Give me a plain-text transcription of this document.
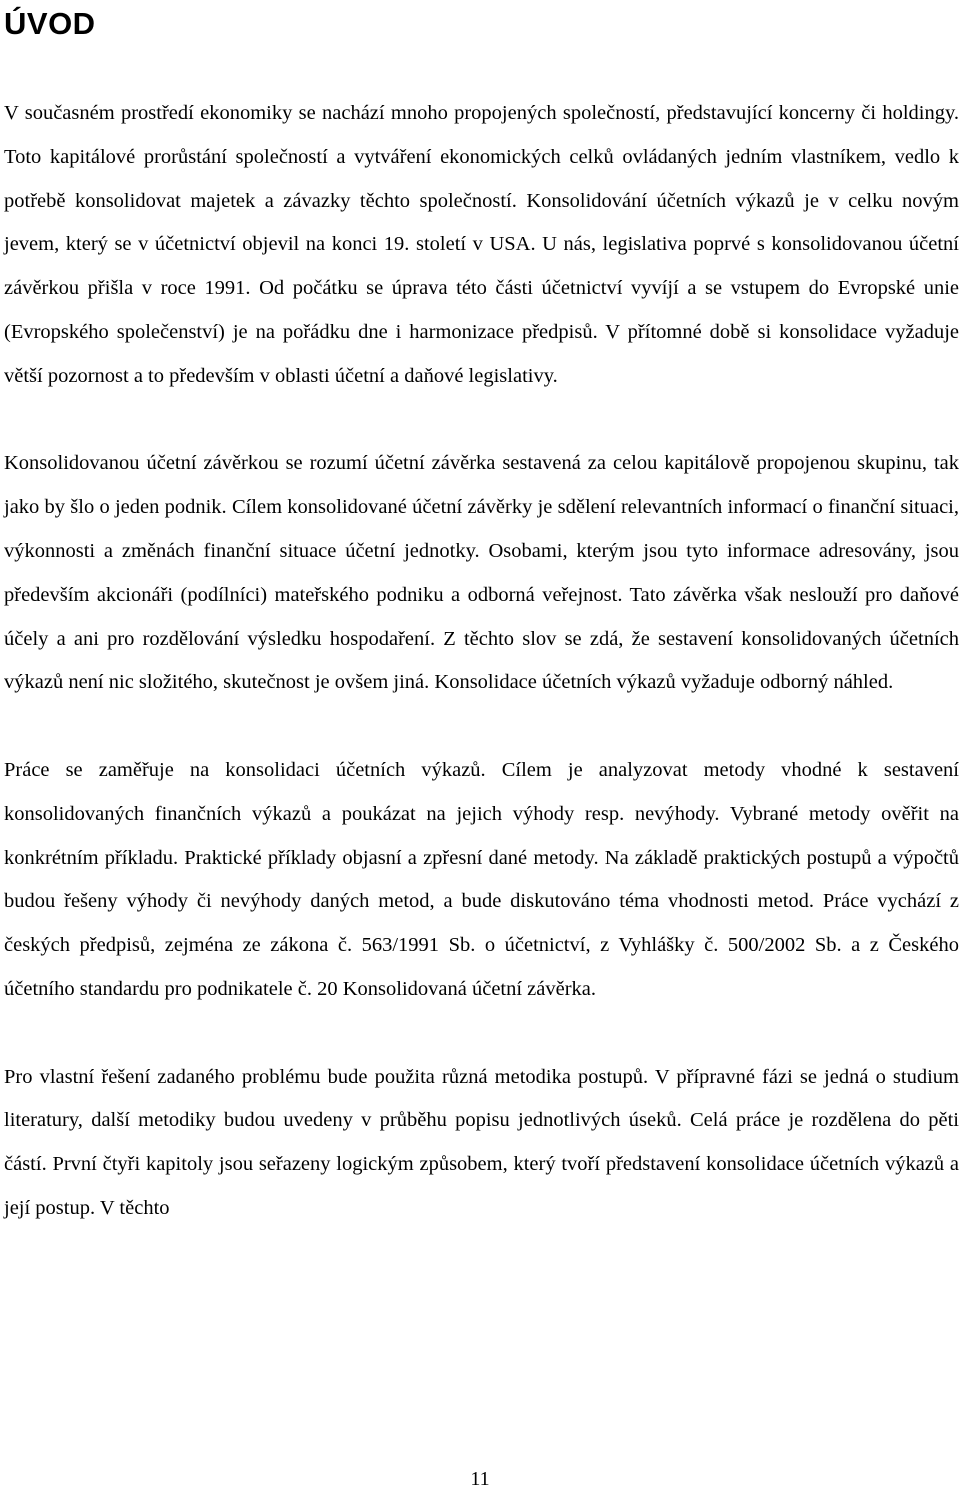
ÚVOD

V současném prostředí ekonomiky se nachází mnoho propojených společností, představující koncerny či holdingy. Toto kapitálové prorůstání společností a vytváření ekonomických celků ovládaných jedním vlastníkem, vedlo k potřebě konsolidovat majetek a závazky těchto společností. Konsolidování účetních výkazů je v celku novým jevem, který se v účetnictví objevil na konci 19. století v USA. U nás, legislativa poprvé s konsolidovanou účetní závěrkou přišla v roce 1991. Od počátku se úprava této části účetnictví vyvíjí a se vstupem do Evropské unie (Evropského společenství) je na pořádku dne i harmonizace předpisů. V přítomné době si konsolidace vyžaduje větší pozornost a to především v oblasti účetní a daňové legislativy.

Konsolidovanou účetní závěrkou se rozumí účetní závěrka sestavená za celou kapitálově propojenou skupinu, tak jako by šlo o jeden podnik. Cílem konsolidované účetní závěrky je sdělení relevantních informací o finanční situaci, výkonnosti a změnách finanční situace účetní jednotky. Osobami, kterým jsou tyto informace adresovány, jsou především akcionáři (podílníci) mateřského podniku a odborná veřejnost. Tato závěrka však neslouží pro daňové účely a ani pro rozdělování výsledku hospodaření. Z těchto slov se zdá, že sestavení konsolidovaných účetních výkazů není nic složitého, skutečnost je ovšem jiná. Konsolidace účetních výkazů vyžaduje odborný náhled.

Práce se zaměřuje na konsolidaci účetních výkazů. Cílem je analyzovat metody vhodné k sestavení konsolidovaných finančních výkazů a poukázat na jejich výhody resp. nevýhody. Vybrané metody ověřit na konkrétním příkladu. Praktické příklady objasní a zpřesní dané metody. Na základě praktických postupů a výpočtů budou řešeny výhody či nevýhody daných metod, a bude diskutováno téma vhodnosti metod. Práce vychází z českých předpisů, zejména ze zákona č. 563/1991 Sb. o účetnictví, z Vyhlášky č. 500/2002 Sb. a z Českého účetního standardu pro podnikatele č. 20 Konsolidovaná účetní závěrka.

Pro vlastní řešení zadaného problému bude použita různá metodika postupů. V přípravné fázi se jedná o studium literatury, další metodiky budou uvedeny v průběhu popisu jednotlivých úseků. Celá práce je rozdělena do pěti částí. První čtyři kapitoly jsou seřazeny logickým způsobem, který tvoří představení konsolidace účetních výkazů a její postup. V těchto

11
